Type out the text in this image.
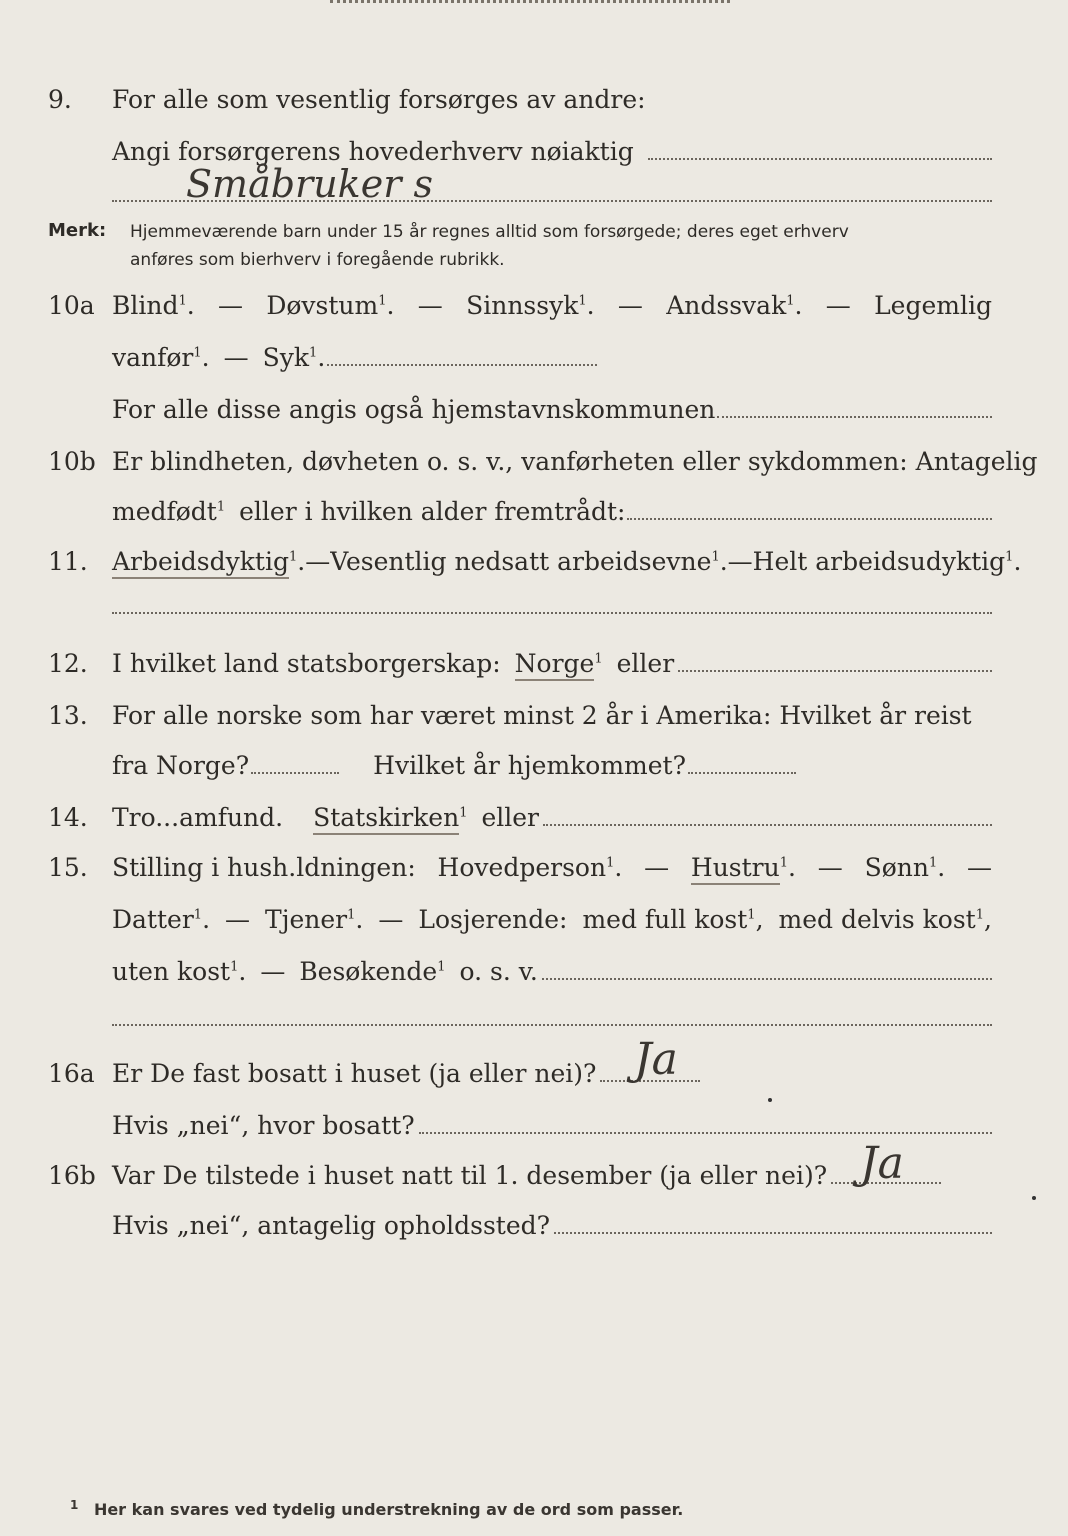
9. For alle som vesentlig forsørges av andre:
Angi forsørgerens hovederhverv nøiaktig
Småbruker s
Merk: Hjemmeværende barn under 15 år regnes alltid som forsørgede; deres eget erhverv
anføres som bierhverv i foregående rubrikk.
10a Blind$^1$. — Døvstum$^1$. — Sinnssyk$^1$. — Andssvak$^1$. — Legemlig
vanfør$^1$. — Syk$^1$.
For alle disse angis også hjemstavnskommunen
10b Er blindheten, døvheten o. s. v., vanførheten eller sykdommen: Antagelig
medfødt$^1$ eller i hvilken alder fremtrådt:
11. Arbeidsdyktig$^1$. — Vesentlig nedsatt arbeidsevne$^1$. — Helt arbeidsudyktig$^1$.
12. I hvilket land statsborgerskap: Norge$^1$ eller
13. For alle norske som har været minst 2 år i Amerika: Hvilket år reist
fra Norge?	Hvilket år hjemkommet?
14. Tro...amfund. Statskirken$^1$ eller
15. Stilling i hush.ldningen: Hovedperson$^1$. — Hustru$^1$. — Sønn$^1$. —
Datter$^1$. — Tjener$^1$. — Losjerende: med full kost$^1$, med delvis kost$^1$,
uten kost$^1$. — Besøkende$^1$ o. s. v.
16a Er De fast bosatt i huset (ja eller nei)? Ja
Hvis „nei“, hvor bosatt?
16b Var De tilstede i huset natt til 1. desember (ja eller nei)? Ja
Hvis „nei“, antagelig opholdssted?
$^1$ Her kan svares ved tydelig understrekning av de ord som passer.
